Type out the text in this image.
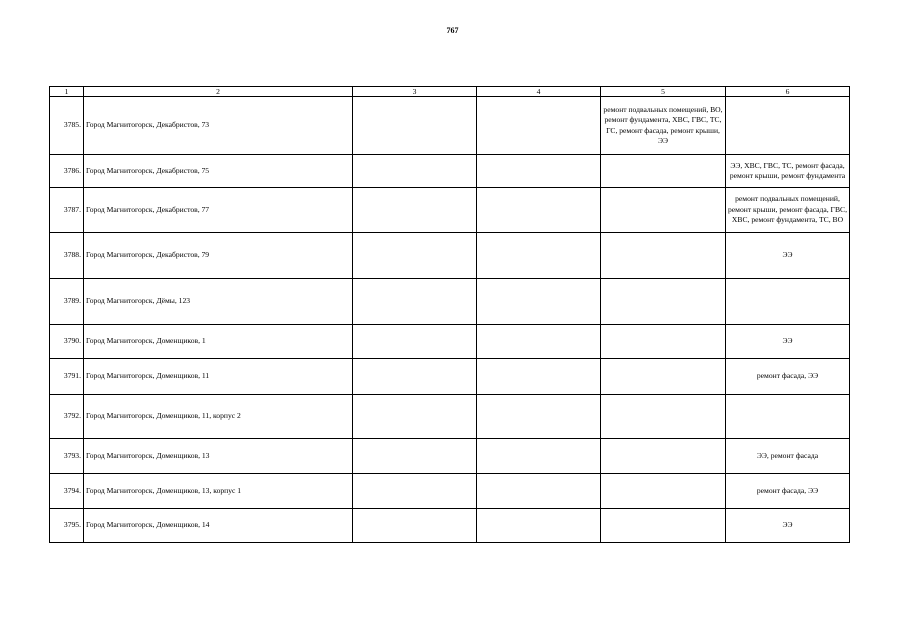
767
1	2	3	4	5	6
3785.	Город Магнитогорск, Декабристов, 73			ремонт подвальных помещений, ВО, ремонт фундамента, ХВС, ГВС, ТС, ГС, ремонт фасада, ремонт крыши, ЭЭ	
3786.	Город Магнитогорск, Декабристов, 75				ЭЭ, ХВС, ГВС, ТС, ремонт фасада, ремонт крыши, ремонт фундамента
3787.	Город Магнитогорск, Декабристов, 77				ремонт подвальных помещений, ремонт крыши, ремонт фасада, ГВС, ХВС, ремонт фундамента, ТС, ВО
3788.	Город Магнитогорск, Декабристов, 79				ЭЭ
3789.	Город Магнитогорск, Дёмы, 123				
3790.	Город Магнитогорск, Доменщиков, 1				ЭЭ
3791.	Город Магнитогорск, Доменщиков, 11				ремонт фасада, ЭЭ
3792.	Город Магнитогорск, Доменщиков, 11, корпус 2				
3793.	Город Магнитогорск, Доменщиков, 13				ЭЭ, ремонт фасада
3794.	Город Магнитогорск, Доменщиков, 13, корпус 1				ремонт фасада, ЭЭ
3795.	Город Магнитогорск, Доменщиков, 14				ЭЭ
